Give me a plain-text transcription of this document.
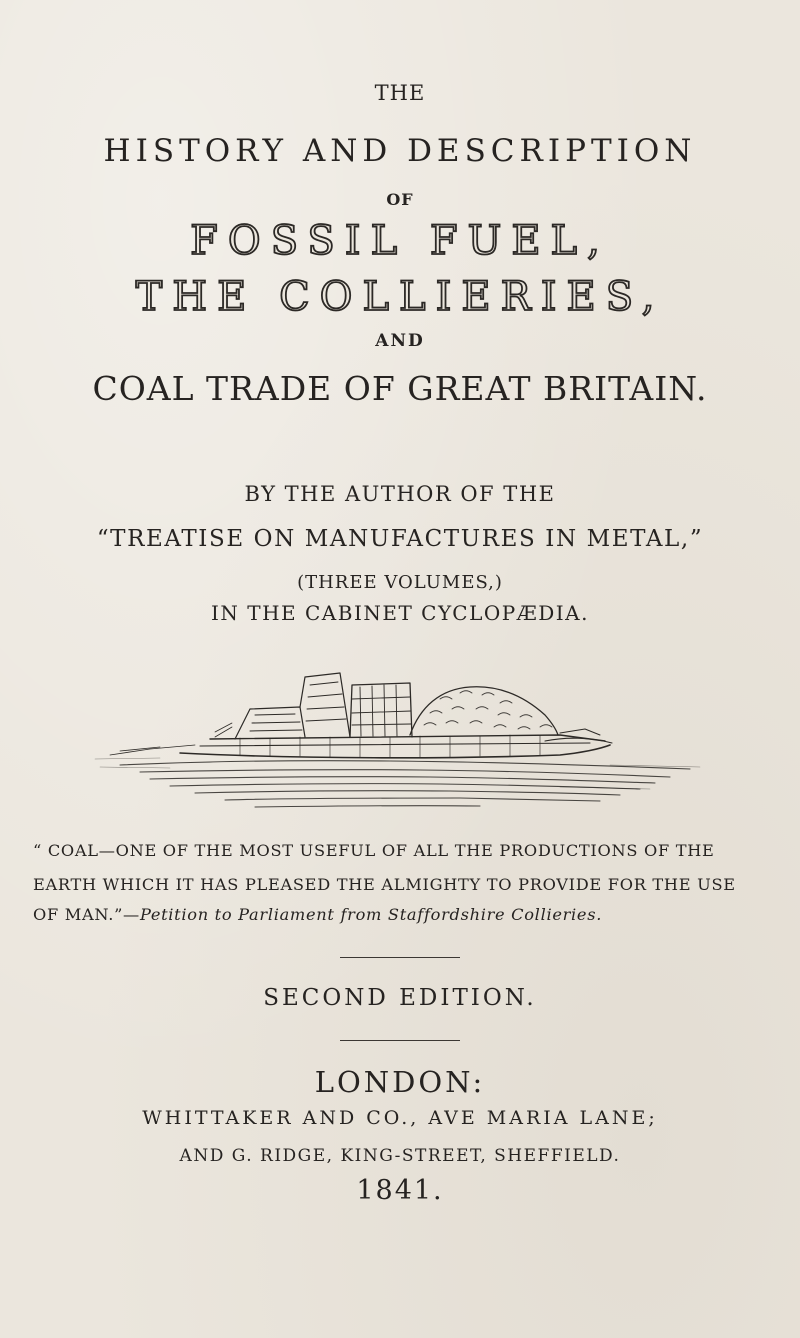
THE
HISTORY AND DESCRIPTION
OF
FOSSIL FUEL,
THE COLLIERIES,
AND
COAL TRADE OF GREAT BRITAIN.
BY THE AUTHOR OF THE
“TREATISE ON MANUFACTURES IN METAL,”
(THREE VOLUMES,)
IN THE CABINET CYCLOPÆDIA.
“ COAL—ONE OF THE MOST USEFUL OF ALL THE PRODUCTIONS OF THE
EARTH WHICH IT HAS PLEASED THE ALMIGHTY TO PROVIDE FOR THE USE
OF MAN.”—Petition to Parliament from Staffordshire Collieries.
SECOND EDITION.
LONDON:
WHITTAKER AND CO., AVE MARIA LANE;
AND G. RIDGE, KING-STREET, SHEFFIELD.
1841.
